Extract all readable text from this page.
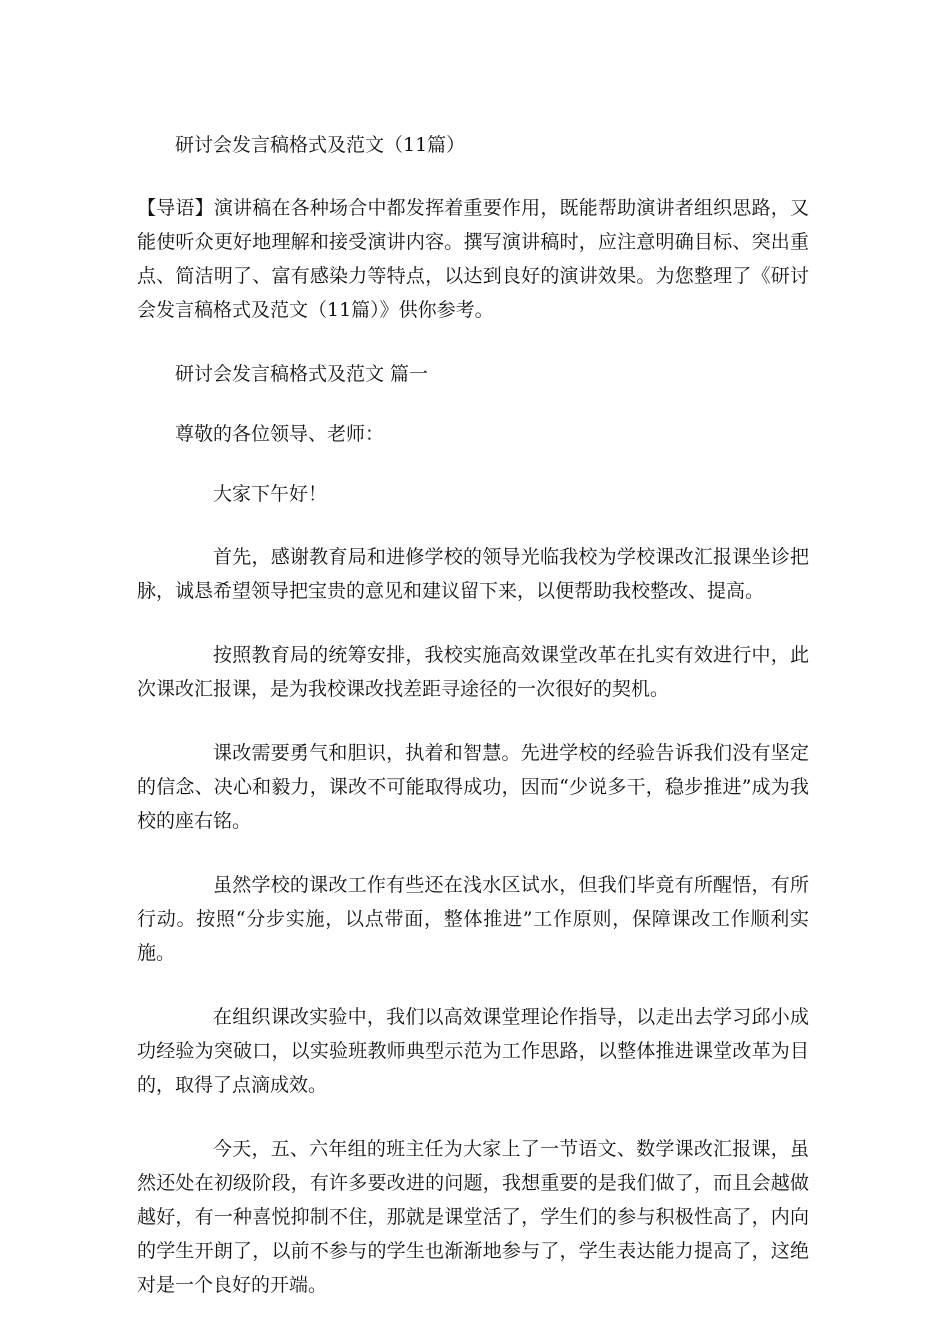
研讨会发言稿格式及范文（11篇）

【导语】演讲稿在各种场合中都发挥着重要作用，既能帮助演讲者组织思路，又能使听众更好地理解和接受演讲内容。撰写演讲稿时，应注意明确目标、突出重点、简洁明了、富有感染力等特点，以达到良好的演讲效果。为您整理了《研讨会发言稿格式及范文（11篇）》供你参考。

研讨会发言稿格式及范文 篇一

尊敬的各位领导、老师：

大家下午好！

首先，感谢教育局和进修学校的领导光临我校为学校课改汇报课坐诊把脉，诚恳希望领导把宝贵的意见和建议留下来，以便帮助我校整改、提高。

按照教育局的统筹安排，我校实施高效课堂改革在扎实有效进行中，此次课改汇报课，是为我校课改找差距寻途径的一次很好的契机。

课改需要勇气和胆识，执着和智慧。先进学校的经验告诉我们没有坚定的信念、决心和毅力，课改不可能取得成功，因而“少说多干，稳步推进”成为我校的座右铭。

虽然学校的课改工作有些还在浅水区试水，但我们毕竟有所醒悟，有所行动。按照“分步实施，以点带面，整体推进”工作原则，保障课改工作顺利实施。

在组织课改实验中，我们以高效课堂理论作指导，以走出去学习邱小成功经验为突破口，以实验班教师典型示范为工作思路，以整体推进课堂改革为目的，取得了点滴成效。

今天，五、六年组的班主任为大家上了一节语文、数学课改汇报课，虽然还处在初级阶段，有许多要改进的问题，我想重要的是我们做了，而且会越做越好，有一种喜悦抑制不住，那就是课堂活了，学生们的参与积极性高了，内向的学生开朗了，以前不参与的学生也渐渐地参与了，学生表达能力提高了，这绝对是一个良好的开端。
